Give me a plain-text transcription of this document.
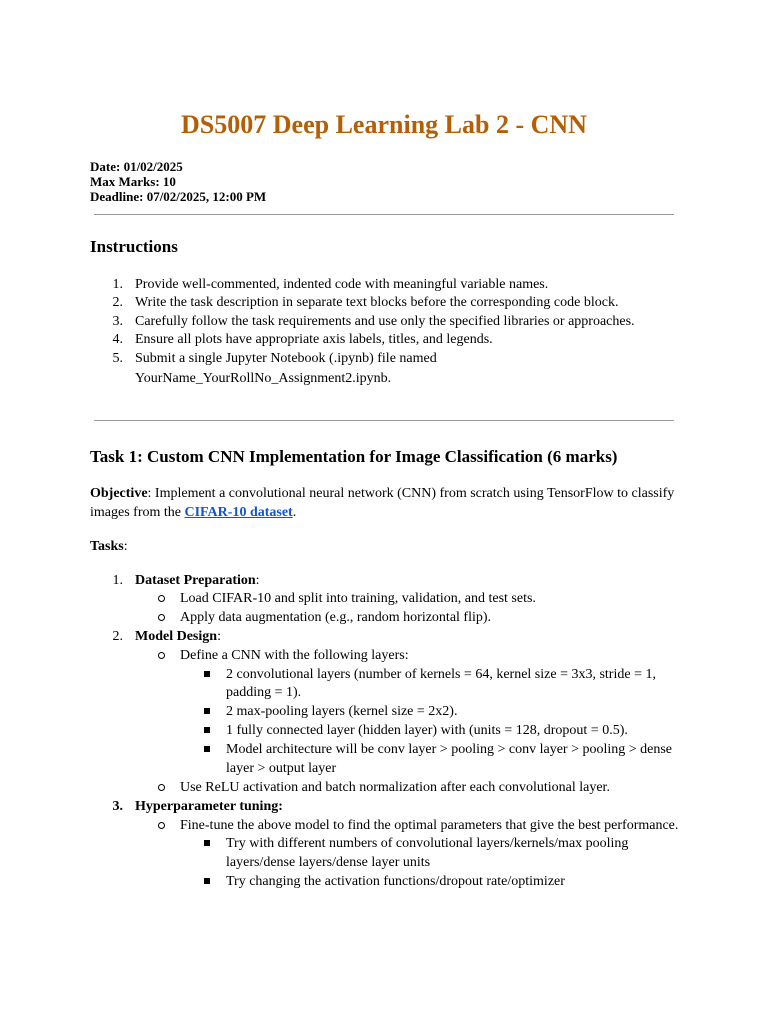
DS5007 Deep Learning Lab 2 - CNN
Date: 01/02/2025
Max Marks: 10
Deadline: 07/02/2025, 12:00 PM
Instructions
1. Provide well-commented, indented code with meaningful variable names.
2. Write the task description in separate text blocks before the corresponding code block.
3. Carefully follow the task requirements and use only the specified libraries or approaches.
4. Ensure all plots have appropriate axis labels, titles, and legends.
5. Submit a single Jupyter Notebook (.ipynb) file named
YourName_YourRollNo_Assignment2.ipynb.
Task 1: Custom CNN Implementation for Image Classification (6 marks)
Objective: Implement a convolutional neural network (CNN) from scratch using TensorFlow to classify images from the CIFAR-10 dataset.
Tasks:
1. Dataset Preparation:
Load CIFAR-10 and split into training, validation, and test sets.
Apply data augmentation (e.g., random horizontal flip).
2. Model Design:
Define a CNN with the following layers:
2 convolutional layers (number of kernels = 64, kernel size = 3x3, stride = 1,
padding = 1).
2 max-pooling layers (kernel size = 2x2).
1 fully connected layer (hidden layer) with (units = 128, dropout = 0.5).
Model architecture will be conv layer > pooling > conv layer > pooling > dense
layer > output layer
Use ReLU activation and batch normalization after each convolutional layer.
3. Hyperparameter tuning:
Fine-tune the above model to find the optimal parameters that give the best performance.
Try with different numbers of convolutional layers/kernels/max pooling
layers/dense layers/dense layer units
Try changing the activation functions/dropout rate/optimizer
